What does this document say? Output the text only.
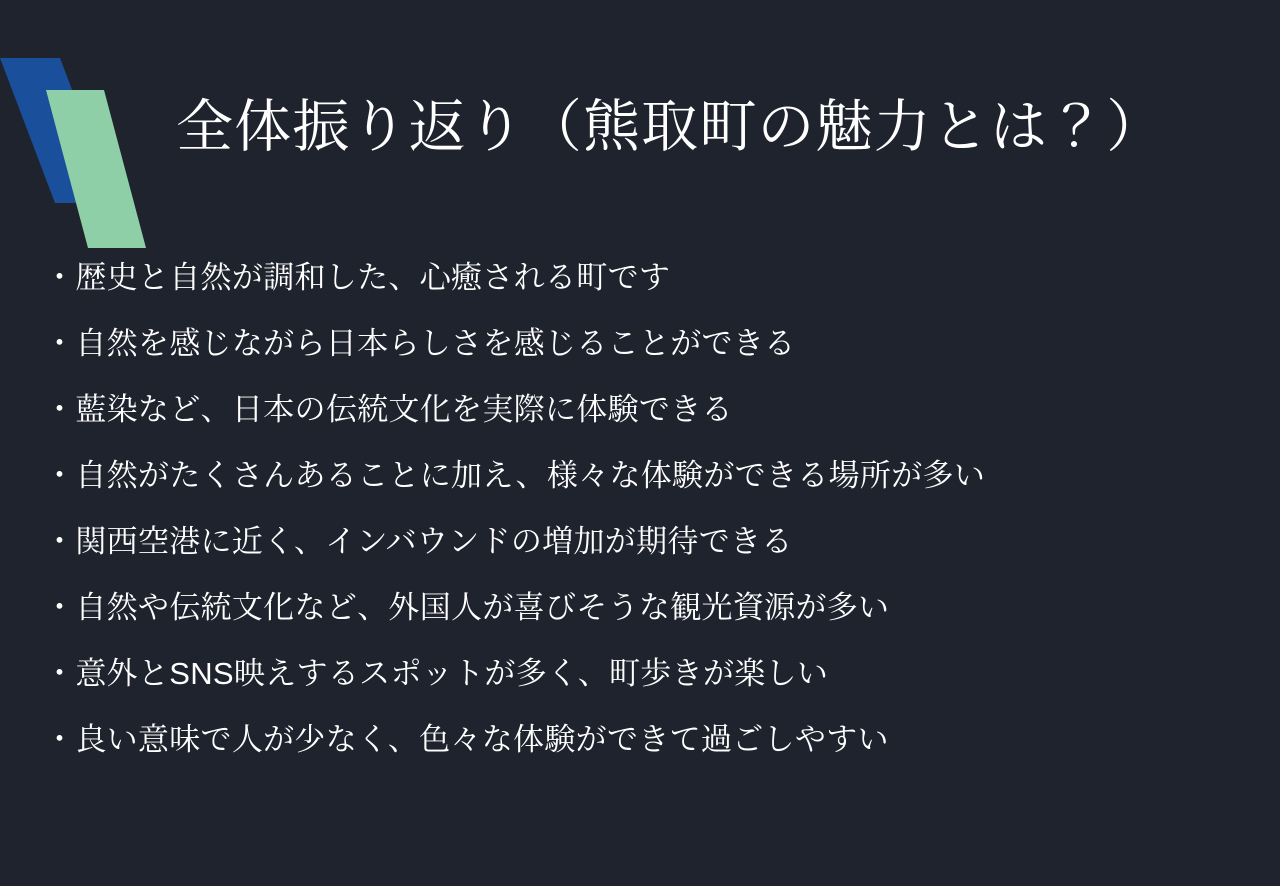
全体振り返り（熊取町の魅力とは？）
・歴史と自然が調和した、心癒される町です
・自然を感じながら日本らしさを感じることができる
・藍染など、日本の伝統文化を実際に体験できる
・自然がたくさんあることに加え、様々な体験ができる場所が多い
・関西空港に近く、インバウンドの増加が期待できる
・自然や伝統文化など、外国人が喜びそうな観光資源が多い
・意外とSNS映えするスポットが多く、町歩きが楽しい
・良い意味で人が少なく、色々な体験ができて過ごしやすい
